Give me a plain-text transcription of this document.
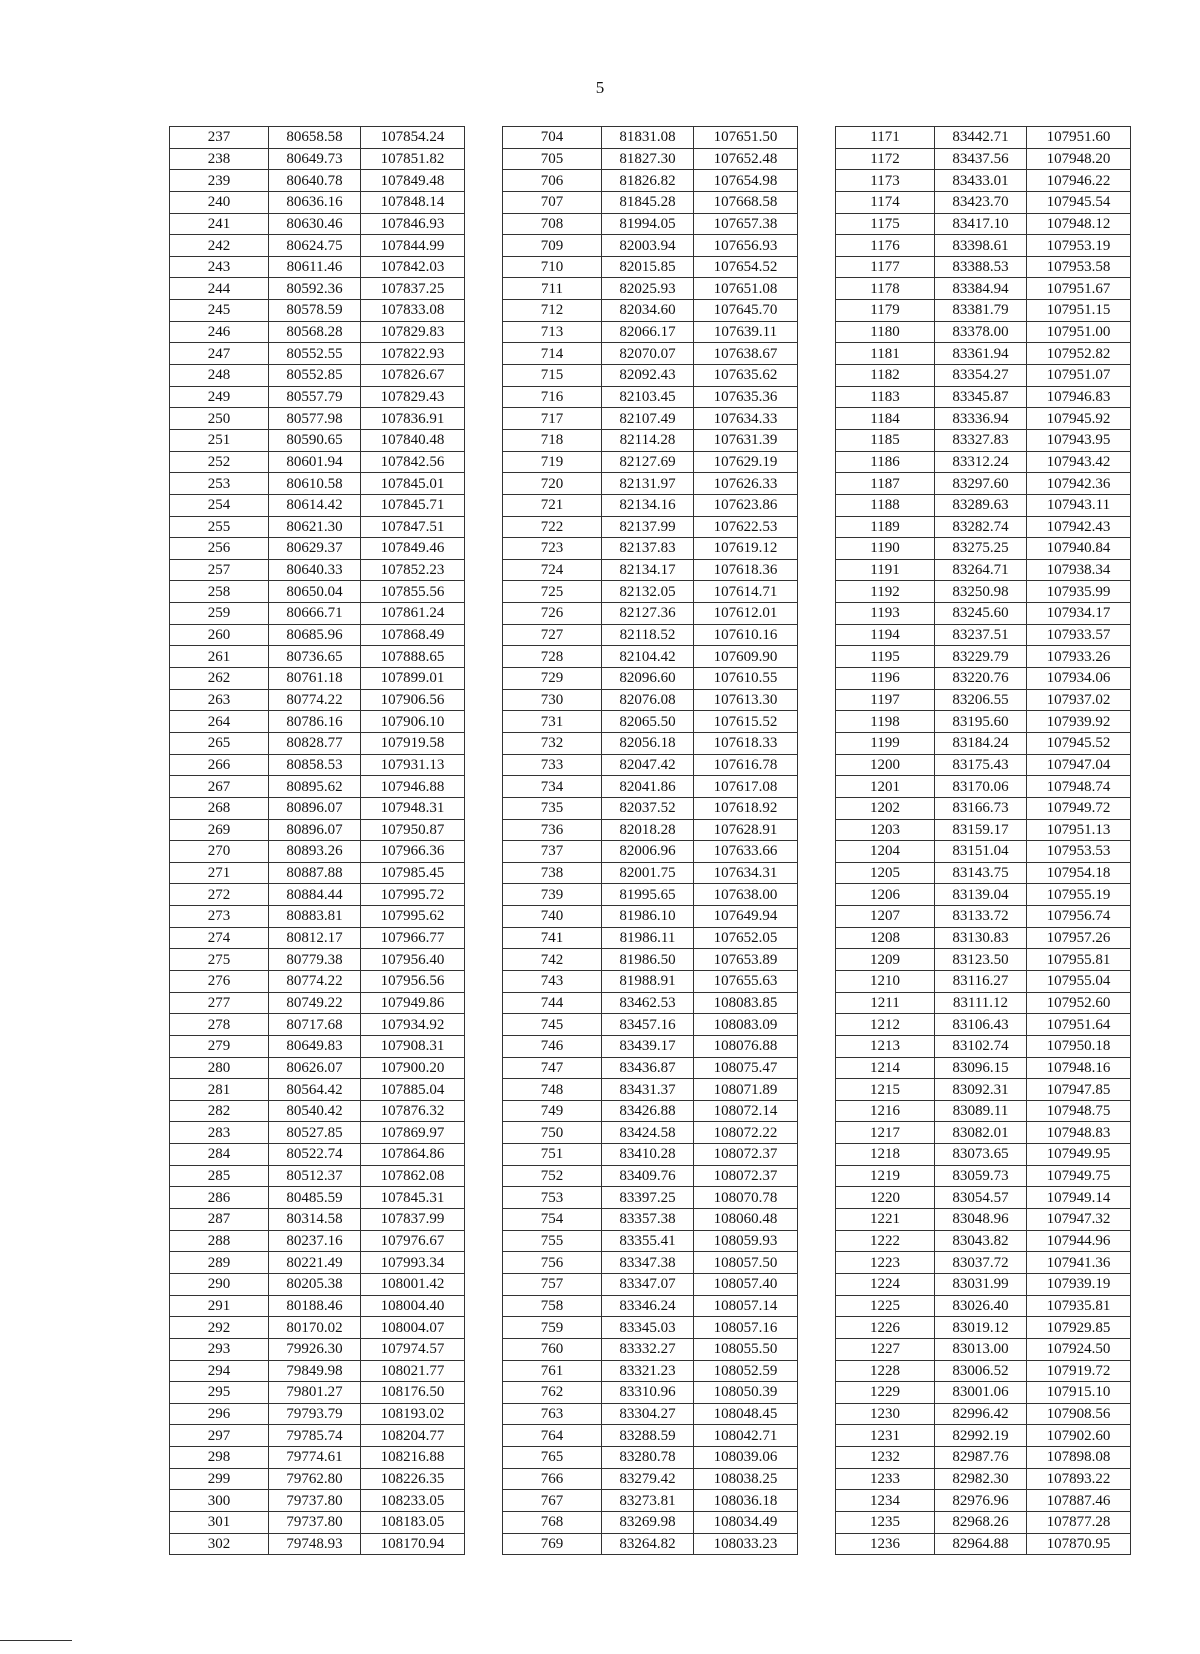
5
237	80658.58	107854.24
238	80649.73	107851.82
239	80640.78	107849.48
240	80636.16	107848.14
241	80630.46	107846.93
242	80624.75	107844.99
243	80611.46	107842.03
244	80592.36	107837.25
245	80578.59	107833.08
246	80568.28	107829.83
247	80552.55	107822.93
248	80552.85	107826.67
249	80557.79	107829.43
250	80577.98	107836.91
251	80590.65	107840.48
252	80601.94	107842.56
253	80610.58	107845.01
254	80614.42	107845.71
255	80621.30	107847.51
256	80629.37	107849.46
257	80640.33	107852.23
258	80650.04	107855.56
259	80666.71	107861.24
260	80685.96	107868.49
261	80736.65	107888.65
262	80761.18	107899.01
263	80774.22	107906.56
264	80786.16	107906.10
265	80828.77	107919.58
266	80858.53	107931.13
267	80895.62	107946.88
268	80896.07	107948.31
269	80896.07	107950.87
270	80893.26	107966.36
271	80887.88	107985.45
272	80884.44	107995.72
273	80883.81	107995.62
274	80812.17	107966.77
275	80779.38	107956.40
276	80774.22	107956.56
277	80749.22	107949.86
278	80717.68	107934.92
279	80649.83	107908.31
280	80626.07	107900.20
281	80564.42	107885.04
282	80540.42	107876.32
283	80527.85	107869.97
284	80522.74	107864.86
285	80512.37	107862.08
286	80485.59	107845.31
287	80314.58	107837.99
288	80237.16	107976.67
289	80221.49	107993.34
290	80205.38	108001.42
291	80188.46	108004.40
292	80170.02	108004.07
293	79926.30	107974.57
294	79849.98	108021.77
295	79801.27	108176.50
296	79793.79	108193.02
297	79785.74	108204.77
298	79774.61	108216.88
299	79762.80	108226.35
300	79737.80	108233.05
301	79737.80	108183.05
302	79748.93	108170.94
704	81831.08	107651.50
705	81827.30	107652.48
706	81826.82	107654.98
707	81845.28	107668.58
708	81994.05	107657.38
709	82003.94	107656.93
710	82015.85	107654.52
711	82025.93	107651.08
712	82034.60	107645.70
713	82066.17	107639.11
714	82070.07	107638.67
715	82092.43	107635.62
716	82103.45	107635.36
717	82107.49	107634.33
718	82114.28	107631.39
719	82127.69	107629.19
720	82131.97	107626.33
721	82134.16	107623.86
722	82137.99	107622.53
723	82137.83	107619.12
724	82134.17	107618.36
725	82132.05	107614.71
726	82127.36	107612.01
727	82118.52	107610.16
728	82104.42	107609.90
729	82096.60	107610.55
730	82076.08	107613.30
731	82065.50	107615.52
732	82056.18	107618.33
733	82047.42	107616.78
734	82041.86	107617.08
735	82037.52	107618.92
736	82018.28	107628.91
737	82006.96	107633.66
738	82001.75	107634.31
739	81995.65	107638.00
740	81986.10	107649.94
741	81986.11	107652.05
742	81986.50	107653.89
743	81988.91	107655.63
744	83462.53	108083.85
745	83457.16	108083.09
746	83439.17	108076.88
747	83436.87	108075.47
748	83431.37	108071.89
749	83426.88	108072.14
750	83424.58	108072.22
751	83410.28	108072.37
752	83409.76	108072.37
753	83397.25	108070.78
754	83357.38	108060.48
755	83355.41	108059.93
756	83347.38	108057.50
757	83347.07	108057.40
758	83346.24	108057.14
759	83345.03	108057.16
760	83332.27	108055.50
761	83321.23	108052.59
762	83310.96	108050.39
763	83304.27	108048.45
764	83288.59	108042.71
765	83280.78	108039.06
766	83279.42	108038.25
767	83273.81	108036.18
768	83269.98	108034.49
769	83264.82	108033.23
1171	83442.71	107951.60
1172	83437.56	107948.20
1173	83433.01	107946.22
1174	83423.70	107945.54
1175	83417.10	107948.12
1176	83398.61	107953.19
1177	83388.53	107953.58
1178	83384.94	107951.67
1179	83381.79	107951.15
1180	83378.00	107951.00
1181	83361.94	107952.82
1182	83354.27	107951.07
1183	83345.87	107946.83
1184	83336.94	107945.92
1185	83327.83	107943.95
1186	83312.24	107943.42
1187	83297.60	107942.36
1188	83289.63	107943.11
1189	83282.74	107942.43
1190	83275.25	107940.84
1191	83264.71	107938.34
1192	83250.98	107935.99
1193	83245.60	107934.17
1194	83237.51	107933.57
1195	83229.79	107933.26
1196	83220.76	107934.06
1197	83206.55	107937.02
1198	83195.60	107939.92
1199	83184.24	107945.52
1200	83175.43	107947.04
1201	83170.06	107948.74
1202	83166.73	107949.72
1203	83159.17	107951.13
1204	83151.04	107953.53
1205	83143.75	107954.18
1206	83139.04	107955.19
1207	83133.72	107956.74
1208	83130.83	107957.26
1209	83123.50	107955.81
1210	83116.27	107955.04
1211	83111.12	107952.60
1212	83106.43	107951.64
1213	83102.74	107950.18
1214	83096.15	107948.16
1215	83092.31	107947.85
1216	83089.11	107948.75
1217	83082.01	107948.83
1218	83073.65	107949.95
1219	83059.73	107949.75
1220	83054.57	107949.14
1221	83048.96	107947.32
1222	83043.82	107944.96
1223	83037.72	107941.36
1224	83031.99	107939.19
1225	83026.40	107935.81
1226	83019.12	107929.85
1227	83013.00	107924.50
1228	83006.52	107919.72
1229	83001.06	107915.10
1230	82996.42	107908.56
1231	82992.19	107902.60
1232	82987.76	107898.08
1233	82982.30	107893.22
1234	82976.96	107887.46
1235	82968.26	107877.28
1236	82964.88	107870.95
